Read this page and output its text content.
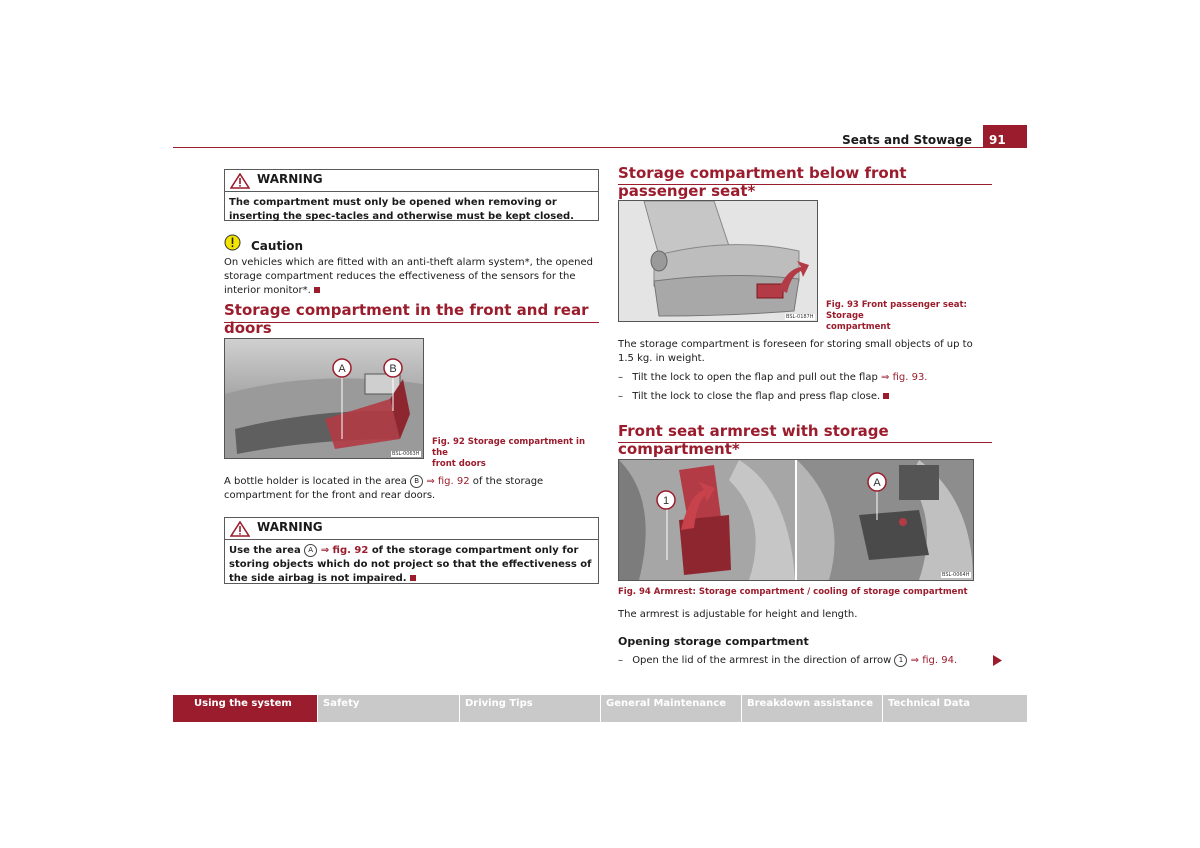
Seats and Stowage	91
WARNING
The compartment must only be opened when removing or inserting the spec-tacles and otherwise must be kept closed.
Caution
On vehicles which are fitted with an anti-theft alarm system*, the opened storage compartment reduces the effectiveness of the sensors for the interior monitor*.
Storage compartment in the front and rear doors
A	B
BSL-0063H
Fig. 92 Storage compartment in the
front doors
A bottle holder is located in the area B ⇒ fig. 92 of the storage compartment for the front and rear doors.
WARNING
Use the area A ⇒ fig. 92 of the storage compartment only for storing objects which do not project so that the effectiveness of the side airbag is not impaired.
Storage compartment below front passenger seat*
BSL-0187H
Fig. 93 Front passenger seat: Storage
compartment
The storage compartment is foreseen for storing small objects of up to 1.5 kg. in weight.
– Tilt the lock to open the flap and pull out the flap ⇒ fig. 93.
– Tilt the lock to close the flap and press flap close.
Front seat armrest with storage compartment*
1
A
BSL-0064H
Fig. 94 Armrest: Storage compartment / cooling of storage compartment
The armrest is adjustable for height and length.
Opening storage compartment
– Open the lid of the armrest in the direction of arrow 1 ⇒ fig. 94.
Using the system	Safety	Driving Tips	General Maintenance Breakdown assistance Technical Data
